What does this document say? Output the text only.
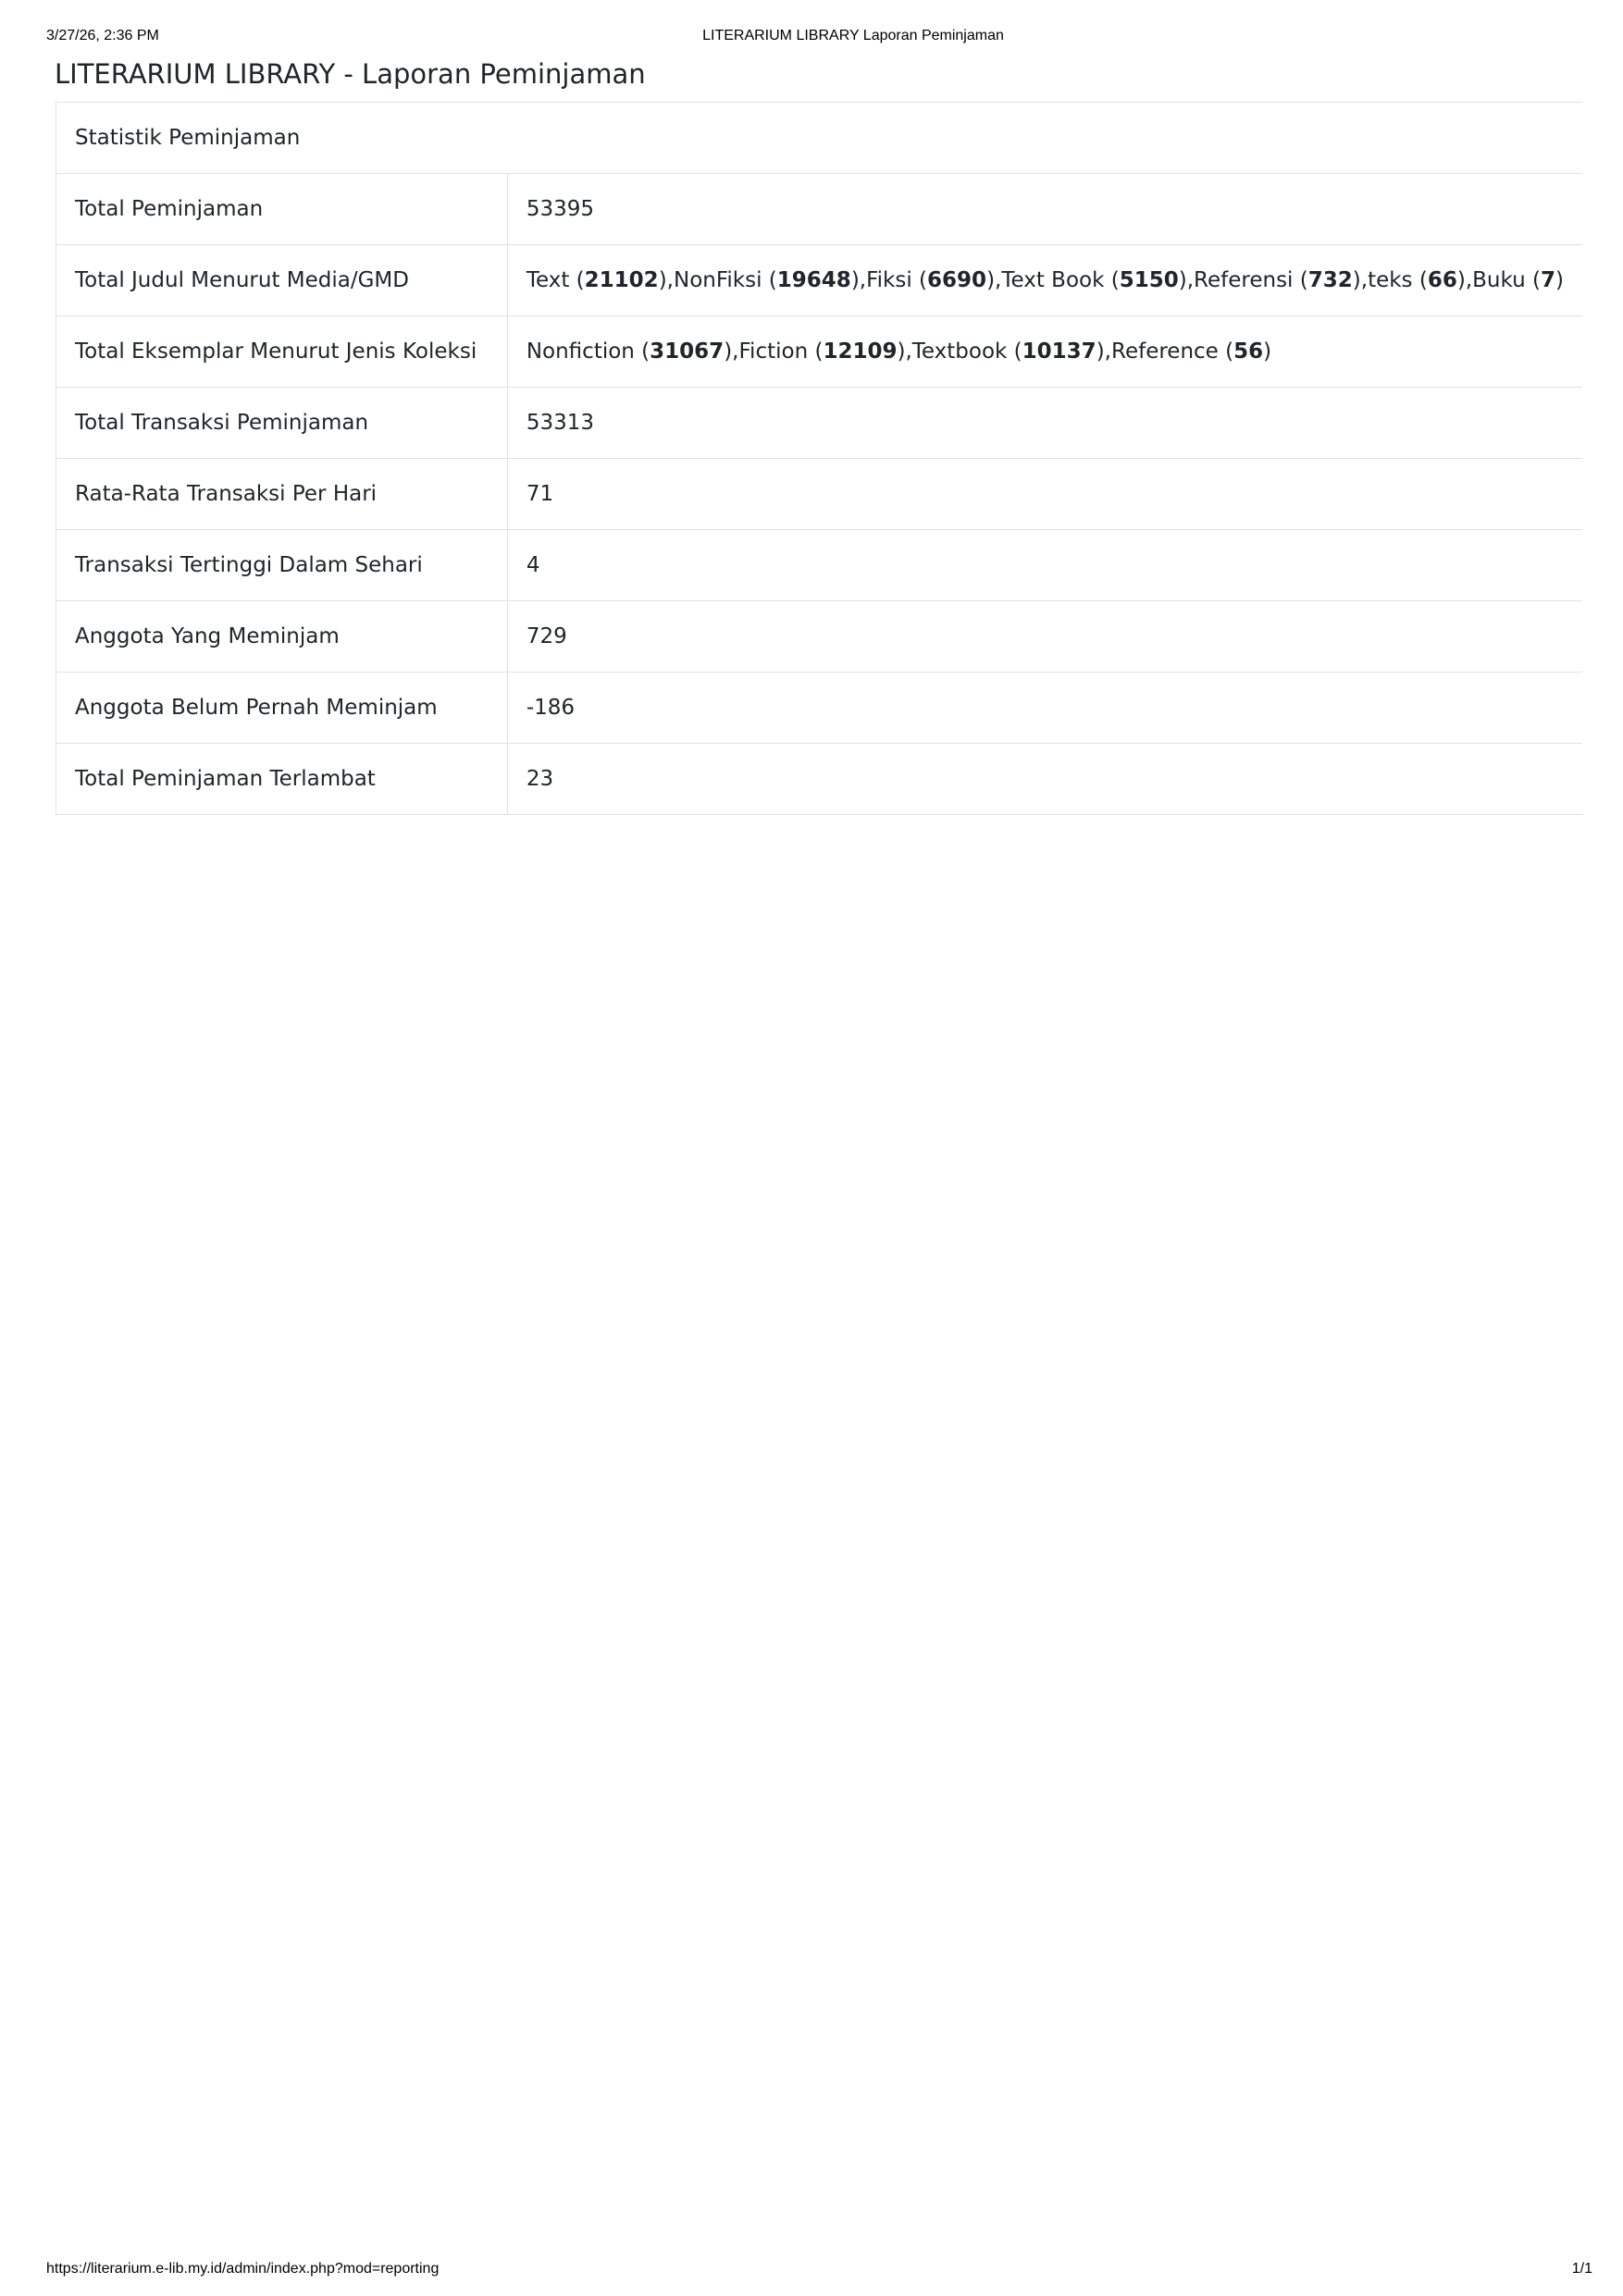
3/27/26, 2:36 PM	LITERARIUM LIBRARY Laporan Peminjaman
LITERARIUM LIBRARY - Laporan Peminjaman
Statistik Peminjaman	
Total Peminjaman	53395
Total Judul Menurut Media/GMD	Text (21102),NonFiksi (19648),Fiksi (6690),Text Book (5150),Referensi (732),teks (66),Buku (7)
Total Eksemplar Menurut Jenis Koleksi	Nonfiction (31067),Fiction (12109),Textbook (10137),Reference (56)
Total Transaksi Peminjaman	53313
Rata-Rata Transaksi Per Hari	71
Transaksi Tertinggi Dalam Sehari	4
Anggota Yang Meminjam	729
Anggota Belum Pernah Meminjam	-186
Total Peminjaman Terlambat	23
https://literarium.e-lib.my.id/admin/index.php?mod=reporting	1/1
